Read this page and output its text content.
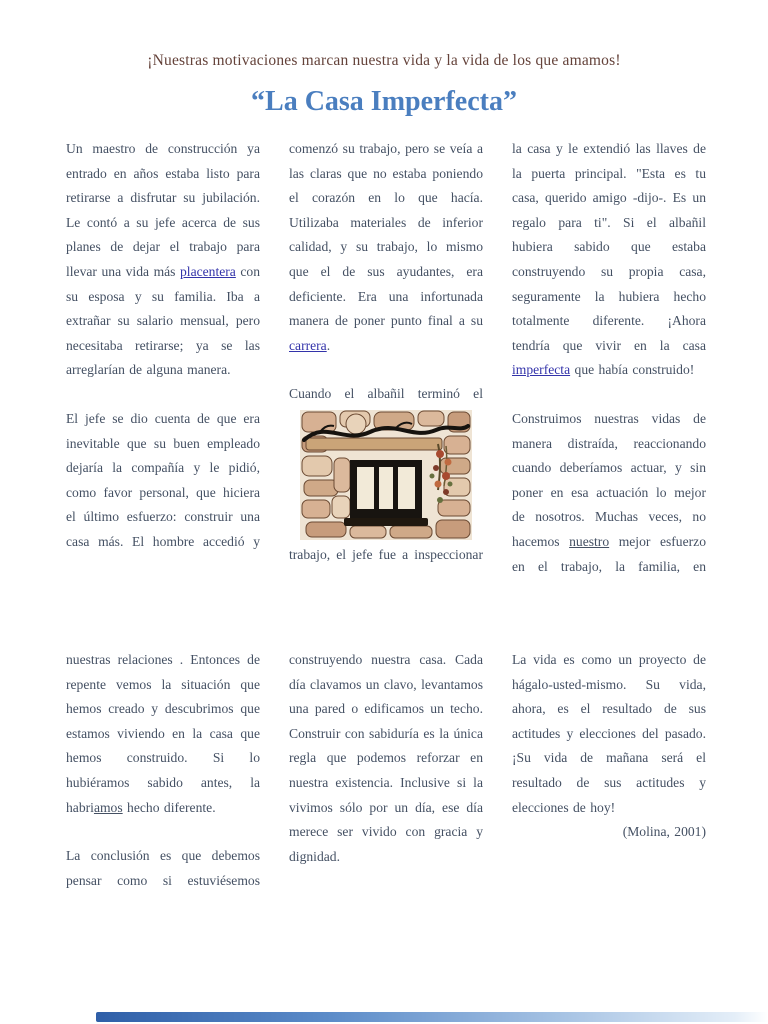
¡Nuestras motivaciones marcan nuestra vida y la vida de los que amamos!
“La Casa Imperfecta”

Un maestro de construcción ya entrado en años estaba listo para retirarse a disfrutar su jubilación. Le contó a su jefe acerca de sus planes de dejar el trabajo para llevar una vida más placentera con su esposa y su familia. Iba a extrañar su salario mensual, pero necesitaba retirarse; ya se las arreglarían de alguna manera.

El jefe se dio cuenta de que era inevitable que su buen empleado dejaría la compañía y le pidió, como favor personal, que hiciera el último esfuerzo: construir una casa más. El hombre accedió y

comenzó su trabajo, pero se veía a las claras que no estaba poniendo el corazón en lo que hacía. Utilizaba materiales de inferior calidad, y su trabajo, lo mismo que el de sus ayudantes, era deficiente. Era una infortunada manera de poner punto final a su carrera.

Cuando el albañil terminó el

trabajo, el jefe fue a inspeccionar

la casa y le extendió las llaves de la puerta principal. "Esta es tu casa, querido amigo -dijo-. Es un regalo para ti". Si el albañil hubiera sabido que estaba construyendo su propia casa, seguramente la hubiera hecho totalmente diferente. ¡Ahora tendría que vivir en la casa imperfecta que había construido!

Construimos nuestras vidas de manera distraída, reaccionando cuando deberíamos actuar, y sin poner en esa actuación lo mejor de nosotros. Muchas veces, no hacemos nuestro mejor esfuerzo en el trabajo, la familia, en

nuestras relaciones . Entonces de repente vemos la situación que hemos creado y descubrimos que estamos viviendo en la casa que hemos construido. Si lo hubiéramos sabido antes, la habriamos hecho diferente.

La conclusión es que debemos pensar como si estuviésemos

construyendo nuestra casa. Cada día clavamos un clavo, levantamos una pared o edificamos un techo. Construir con sabiduría es la única regla que podemos reforzar en nuestra existencia. Inclusive si la vivimos sólo por un día, ese día merece ser vivido con gracia y dignidad.

La vida es como un proyecto de hágalo-usted-mismo. Su vida, ahora, es el resultado de sus actitudes y elecciones del pasado. ¡Su vida de mañana será el resultado de sus actitudes y elecciones de hoy!

(Molina, 2001)
